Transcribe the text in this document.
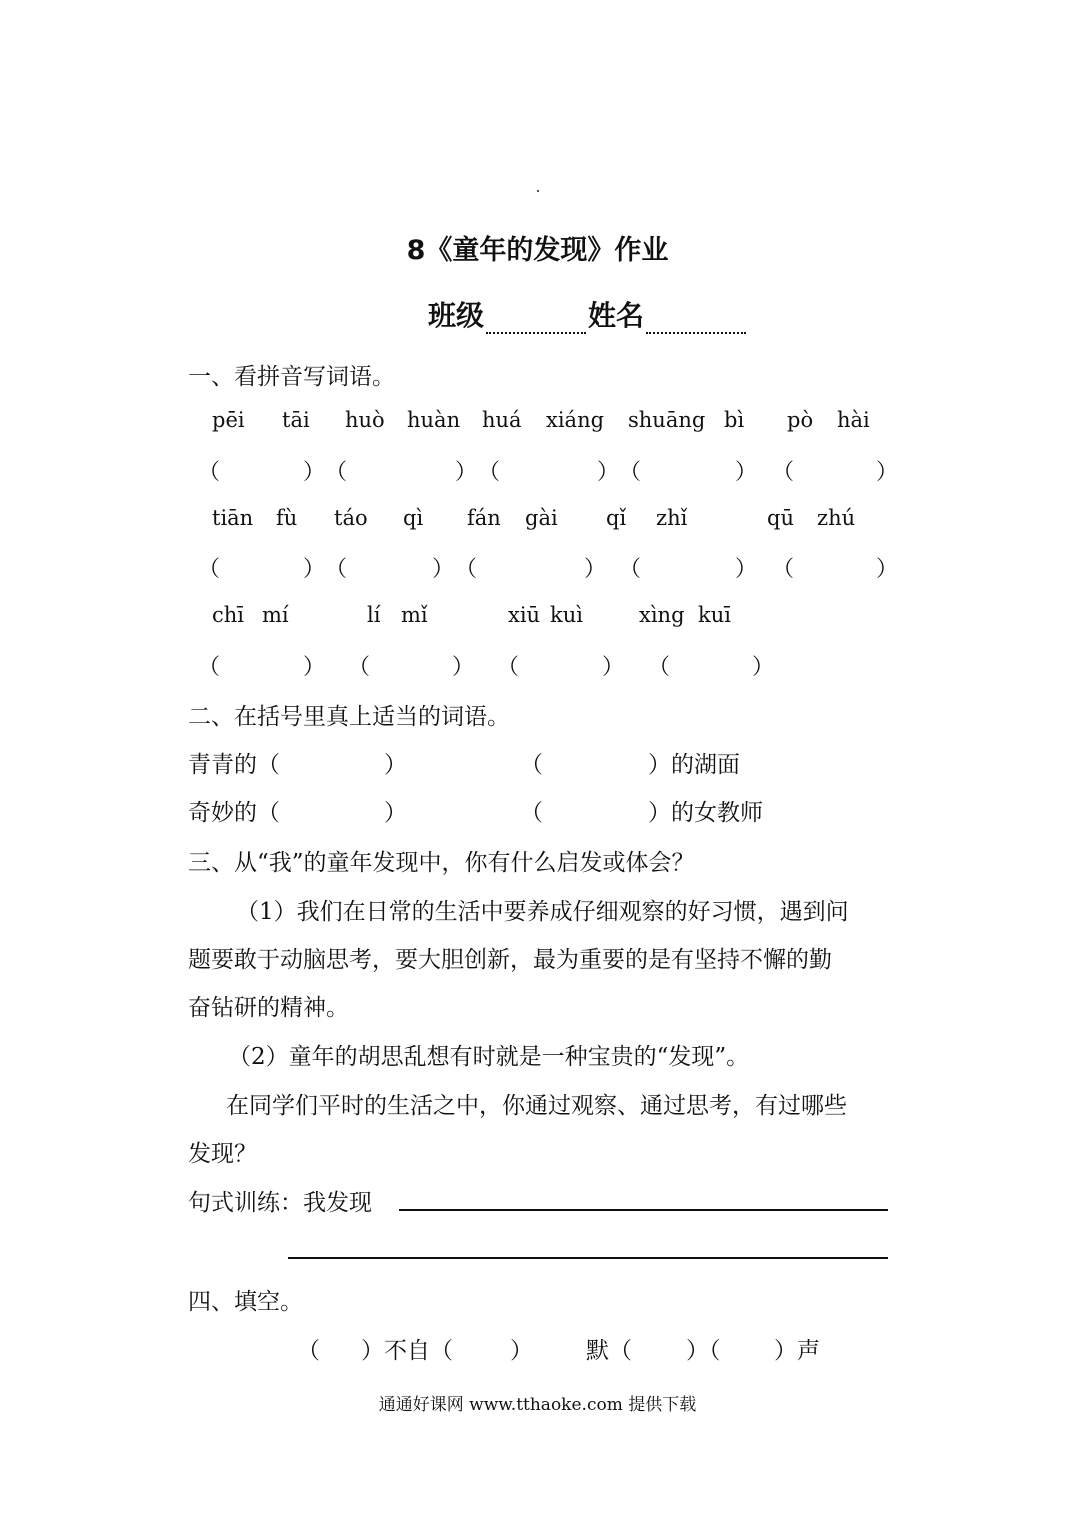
8《童年的发现》作业
班级	姓名
一、看拼音写词语。
pēi tāi huò huàn huá xiáng shuāng bì pò hài
（	） （	） （	） （	） （	）
tiān fù táo qì fán gài qǐ zhǐ	qū zhú
（	） （	） （	） （	） （	）
chī mí	lí mǐ	xiū kuì	xìng kuī
（	） （	） （	） （	）
二、在括号里真上适当的词语。
青青的（	）	（	）的湖面
奇妙的（	）	（	）的女教师
三、从“我”的童年发现中，你有什么启发或体会？
（1）我们在日常的生活中要养成仔细观察的好习惯，遇到问
题要敢于动脑思考，要大胆创新，最为重要的是有坚持不懈的勤
奋钻研的精神。
（2）童年的胡思乱想有时就是一种宝贵的“发现”。
在同学们平时的生活之中，你通过观察、通过思考，有过哪些
发现？
句式训练：我发现
四、填空。
（ ）不自（ ） 默（ ）（ ）声
通通好课网 www.tthaoke.com 提供下载
